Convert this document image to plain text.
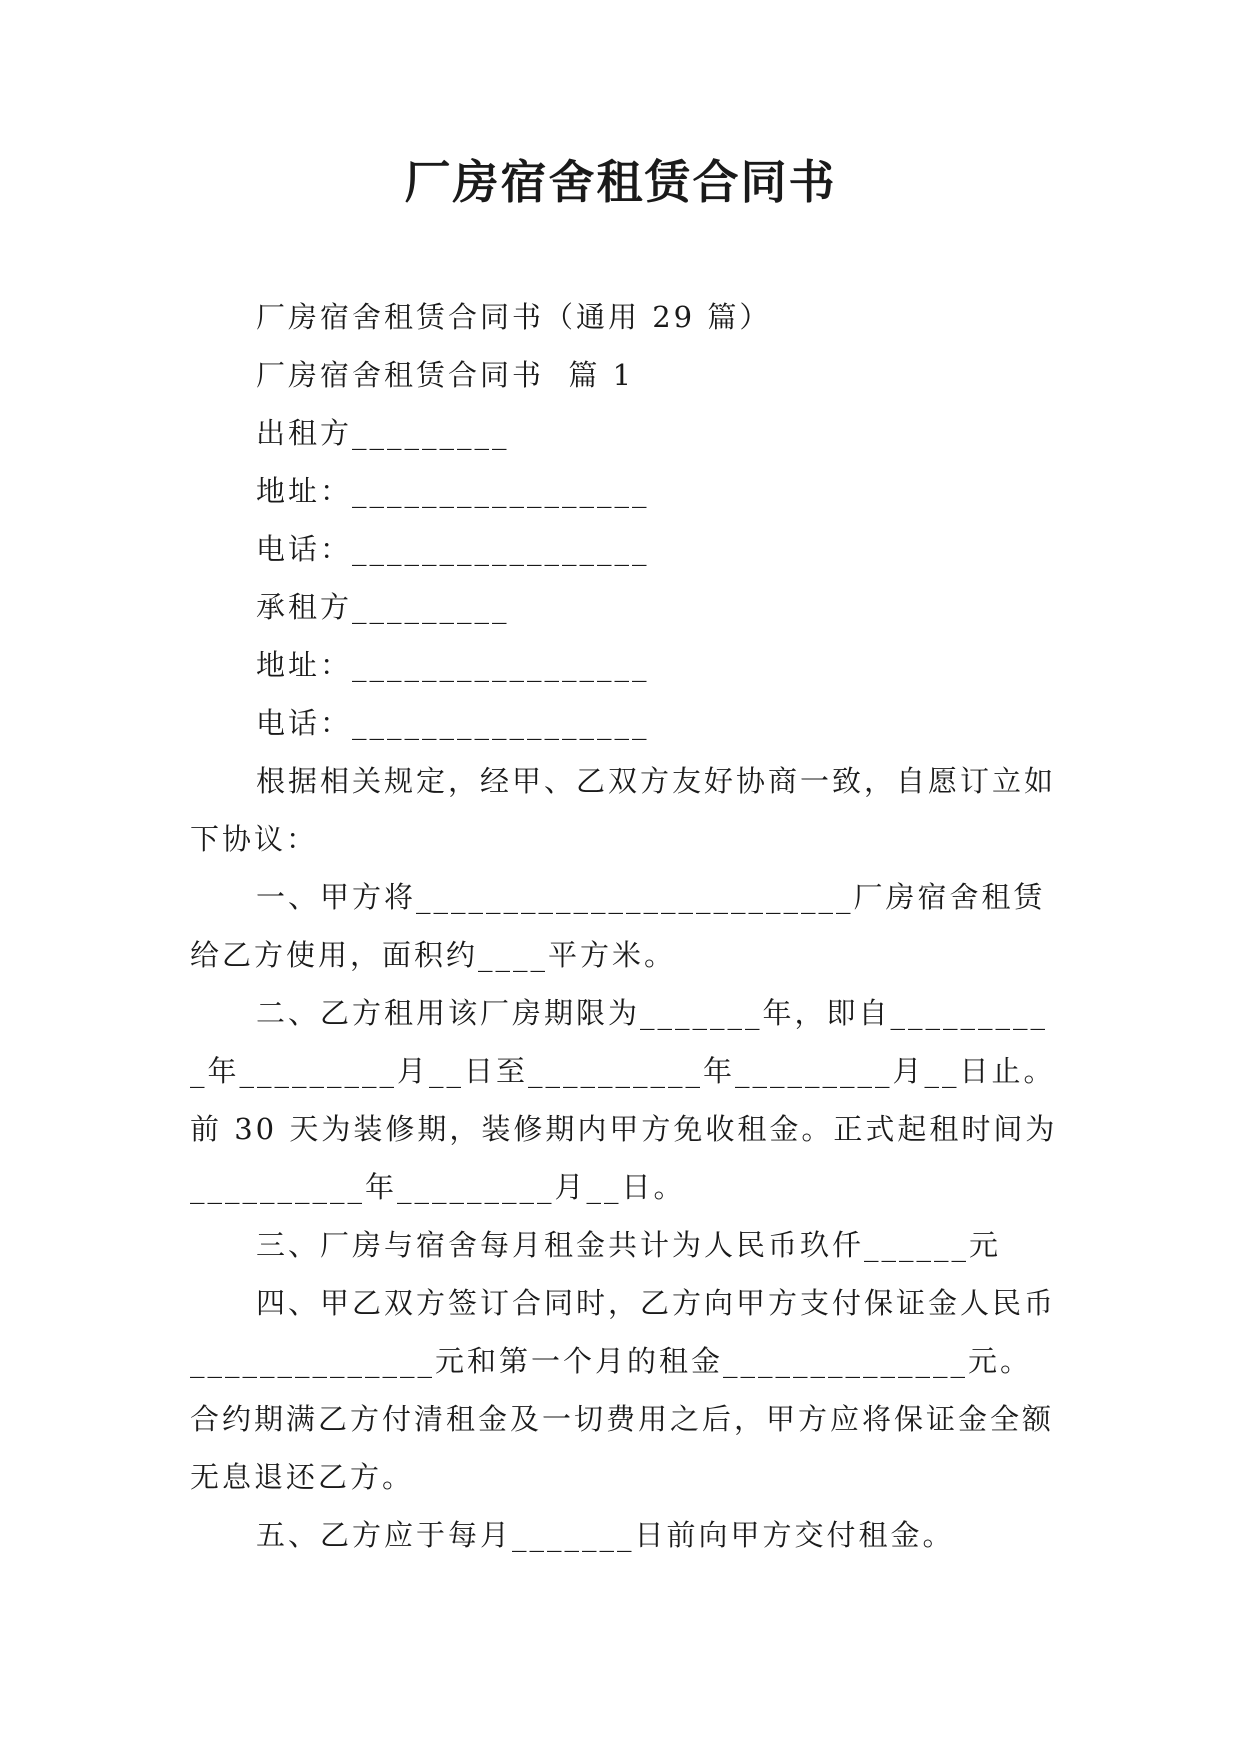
厂房宿舍租赁合同书

厂房宿舍租赁合同书（通用 29 篇）

厂房宿舍租赁合同书  篇 1

出租方_________

地址：_________________

电话：_________________

承租方_________

地址：_________________

电话：_________________

根据相关规定，经甲、乙双方友好协商一致，自愿订立如下协议：

一、甲方将_________________________厂房宿舍租赁给乙方使用，面积约____平方米。

二、乙方租用该厂房期限为_______年，即自__________年_________月__日至__________年_________月__日止。前 30 天为装修期，装修期内甲方免收租金。正式起租时间为__________年_________月__日。

三、厂房与宿舍每月租金共计为人民币玖仟______元

四、甲乙双方签订合同时，乙方向甲方支付保证金人民币______________元和第一个月的租金______________元。合约期满乙方付清租金及一切费用之后，甲方应将保证金全额无息退还乙方。

五、乙方应于每月_______日前向甲方交付租金。
